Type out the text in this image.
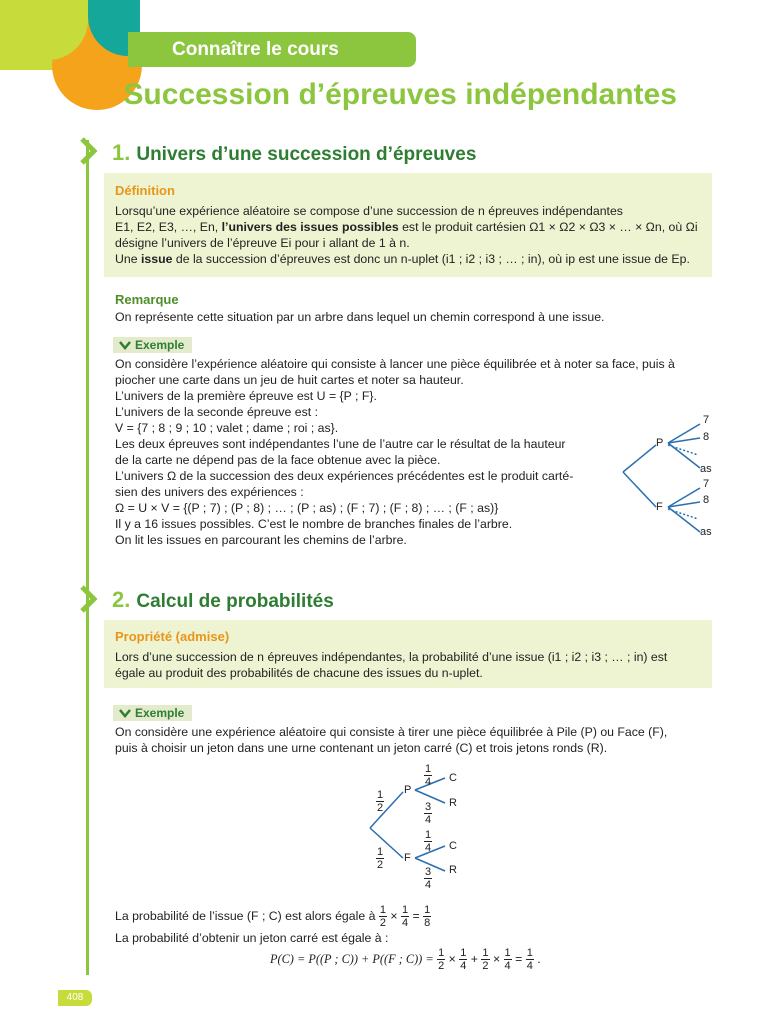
Connaître le cours
1. Succession d’épreuves indépendantes
1. Univers d’une succession d’épreuves
Définition
Lorsqu’une expérience aléatoire se compose d’une succession de n épreuves indépendantes
E1, E2, E3, …, En, l’univers des issues possibles est le produit cartésien Ω1 × Ω2 × Ω3 × … × Ωn, où Ωi
désigne l’univers de l’épreuve Ei pour i allant de 1 à n.
Une issue de la succession d’épreuves est donc un n-uplet (i1 ; i2 ; i3 ; … ; in), où ip est une issue de Ep.
Remarque
On représente cette situation par un arbre dans lequel un chemin correspond à une issue.
Exemple
On considère l’expérience aléatoire qui consiste à lancer une pièce équilibrée et à noter sa face, puis à
piocher une carte dans un jeu de huit cartes et noter sa hauteur.
L’univers de la première épreuve est U = {P ; F}.
L’univers de la seconde épreuve est :
V = {7 ; 8 ; 9 ; 10 ; valet ; dame ; roi ; as}.
Les deux épreuves sont indépendantes l’une de l’autre car le résultat de la hauteur
de la carte ne dépend pas de la face obtenue avec la pièce.
L’univers Ω de la succession des deux expériences précédentes est le produit carté-
sien des univers des expériences :
Ω = U × V = {(P ; 7) ; (P ; 8) ; … ; (P ; as) ; (F ; 7) ; (F ; 8) ; … ; (F ; as)}
Il y a 16 issues possibles. C’est le nombre de branches finales de l’arbre.
On lit les issues en parcourant les chemins de l’arbre.
P
F
7
8
as
7
8
as
2. Calcul de probabilités
Propriété (admise)
Lors d’une succession de n épreuves indépendantes, la probabilité d’une issue (i1 ; i2 ; i3 ; … ; in) est
égale au produit des probabilités de chacune des issues du n-uplet.
Exemple
On considère une expérience aléatoire qui consiste à tirer une pièce équilibrée à Pile (P) ou Face (F),
puis à choisir un jeton dans une urne contenant un jeton carré (C) et trois jetons ronds (R).
P
F
C
R
C
R
$\frac{1}{2}$
$\frac{1}{2}$
$\frac{1}{4}$
$\frac{3}{4}$
$\frac{1}{4}$
$\frac{3}{4}$
La probabilité de l’issue (F ; C) est alors égale à $\frac{1}{2} \times \frac{1}{4} = \frac{1}{8}$
La probabilité d’obtenir un jeton carré est égale à :
P(C) = P((P ; C)) + P((F ; $C)) = \frac{1}{2} \times \frac{1}{4} + \frac{1}{2} \times \frac{1}{4} = \frac{1}{4}$ .
408
